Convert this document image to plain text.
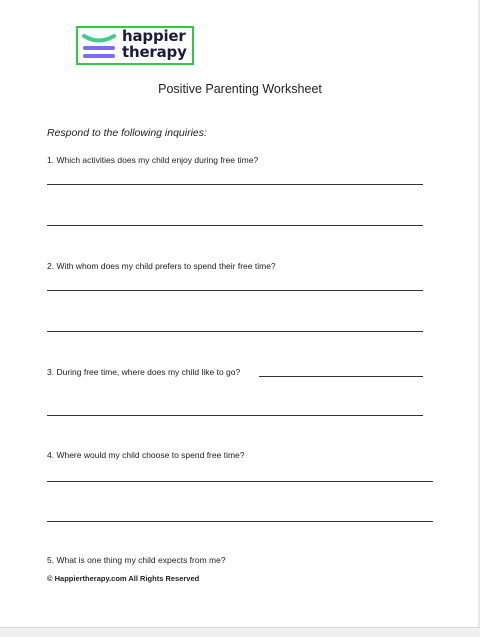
happier
therapy
Positive Parenting Worksheet
Respond to the following inquiries:
1. Which activities does my child enjoy during free time?
2. With whom does my child prefers to spend their free time?
3. During free time, where does my child like to go?
4. Where would my child choose to spend free time?
5. What is one thing my child expects from me?
© Happiertherapy.com All Rights Reserved
